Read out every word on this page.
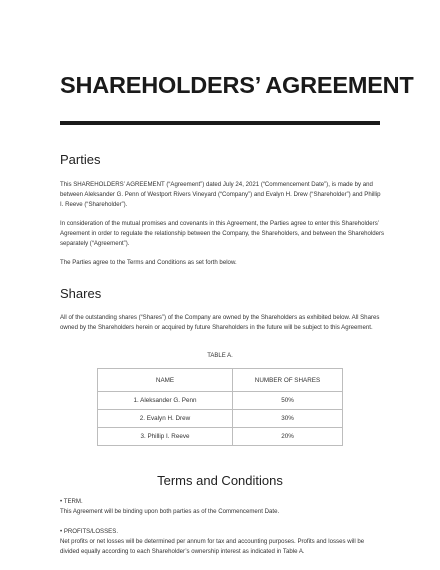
SHAREHOLDERS’ AGREEMENT
Parties

This SHAREHOLDERS’ AGREEMENT (“Agreement”) dated July 24, 2021 (“Commencement Date”), is made by and between Aleksander G. Penn of Westport Rivers Vineyard (“Company”) and Evalyn H. Drew (“Shareholder”) and Phillip I. Reeve (“Shareholder”).

In consideration of the mutual promises and covenants in this Agreement, the Parties agree to enter this Shareholders’ Agreement in order to regulate the relationship between the Company, the Shareholders, and between the Shareholders separately (“Agreement”).

The Parties agree to the Terms and Conditions as set forth below.

Shares

All of the outstanding shares (“Shares”) of the Company are owned by the Shareholders as exhibited below. All Shares owned by the Shareholders herein or acquired by future Shareholders in the future will be subject to this Agreement.

TABLE A.
NAME	NUMBER OF SHARES
1. Aleksander G. Penn	50%
2. Evalyn H. Drew	30%
3. Phillip I. Reeve	20%
Terms and Conditions

• TERM.

This Agreement will be binding upon both parties as of the Commencement Date.

• PROFITS/LOSSES.

Net profits or net losses will be determined per annum for tax and accounting purposes. Profits and losses will be divided equally according to each Shareholder’s ownership interest as indicated in Table A.
